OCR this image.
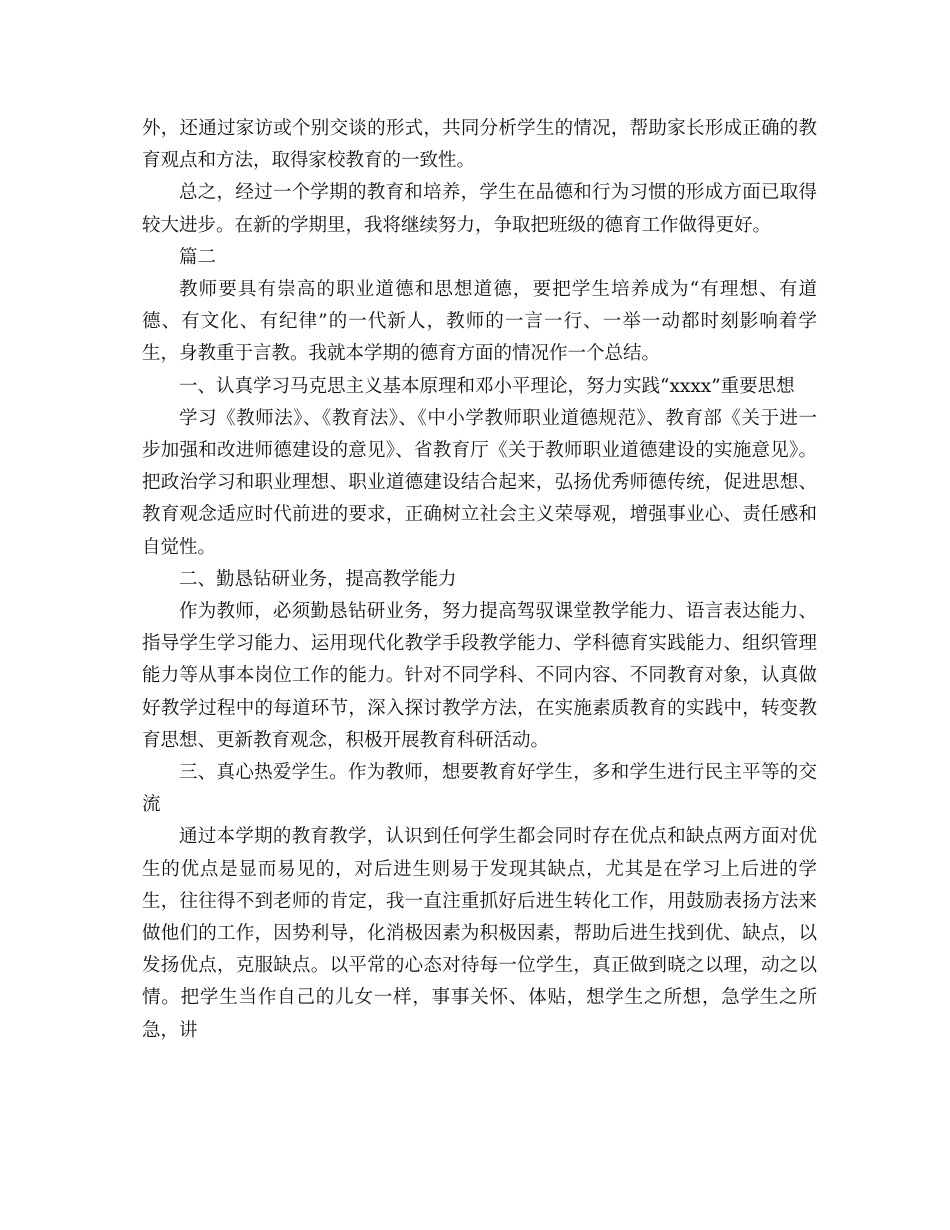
外，还通过家访或个别交谈的形式，共同分析学生的情况，帮助家长形成正确的教育观点和方法，取得家校教育的一致性。

总之，经过一个学期的教育和培养，学生在品德和行为习惯的形成方面已取得较大进步。在新的学期里，我将继续努力，争取把班级的德育工作做得更好。

篇二

教师要具有崇高的职业道德和思想道德，要把学生培养成为“有理想、有道德、有文化、有纪律”的一代新人，教师的一言一行、一举一动都时刻影响着学生，身教重于言教。我就本学期的德育方面的情况作一个总结。

一、认真学习马克思主义基本原理和邓小平理论，努力实践“xxxx”重要思想

学习《教师法》、《教育法》、《中小学教师职业道德规范》、教育部《关于进一步加强和改进师德建设的意见》、省教育厅《关于教师职业道德建设的实施意见》。把政治学习和职业理想、职业道德建设结合起来，弘扬优秀师德传统，促进思想、教育观念适应时代前进的要求，正确树立社会主义荣辱观，增强事业心、责任感和自觉性。

二、勤恳钻研业务，提高教学能力

作为教师，必须勤恳钻研业务，努力提高驾驭课堂教学能力、语言表达能力、指导学生学习能力、运用现代化教学手段教学能力、学科德育实践能力、组织管理能力等从事本岗位工作的能力。针对不同学科、不同内容、不同教育对象，认真做好教学过程中的每道环节，深入探讨教学方法，在实施素质教育的实践中，转变教育思想、更新教育观念，积极开展教育科研活动。

三、真心热爱学生。作为教师，想要教育好学生，多和学生进行民主平等的交流

通过本学期的教育教学，认识到任何学生都会同时存在优点和缺点两方面对优生的优点是显而易见的，对后进生则易于发现其缺点，尤其是在学习上后进的学生，往往得不到老师的肯定，我一直注重抓好后进生转化工作，用鼓励表扬方法来做他们的工作，因势利导，化消极因素为积极因素，帮助后进生找到优、缺点，以发扬优点，克服缺点。以平常的心态对待每一位学生，真正做到晓之以理，动之以情。把学生当作自己的儿女一样，事事关怀、体贴，想学生之所想，急学生之所急，讲
